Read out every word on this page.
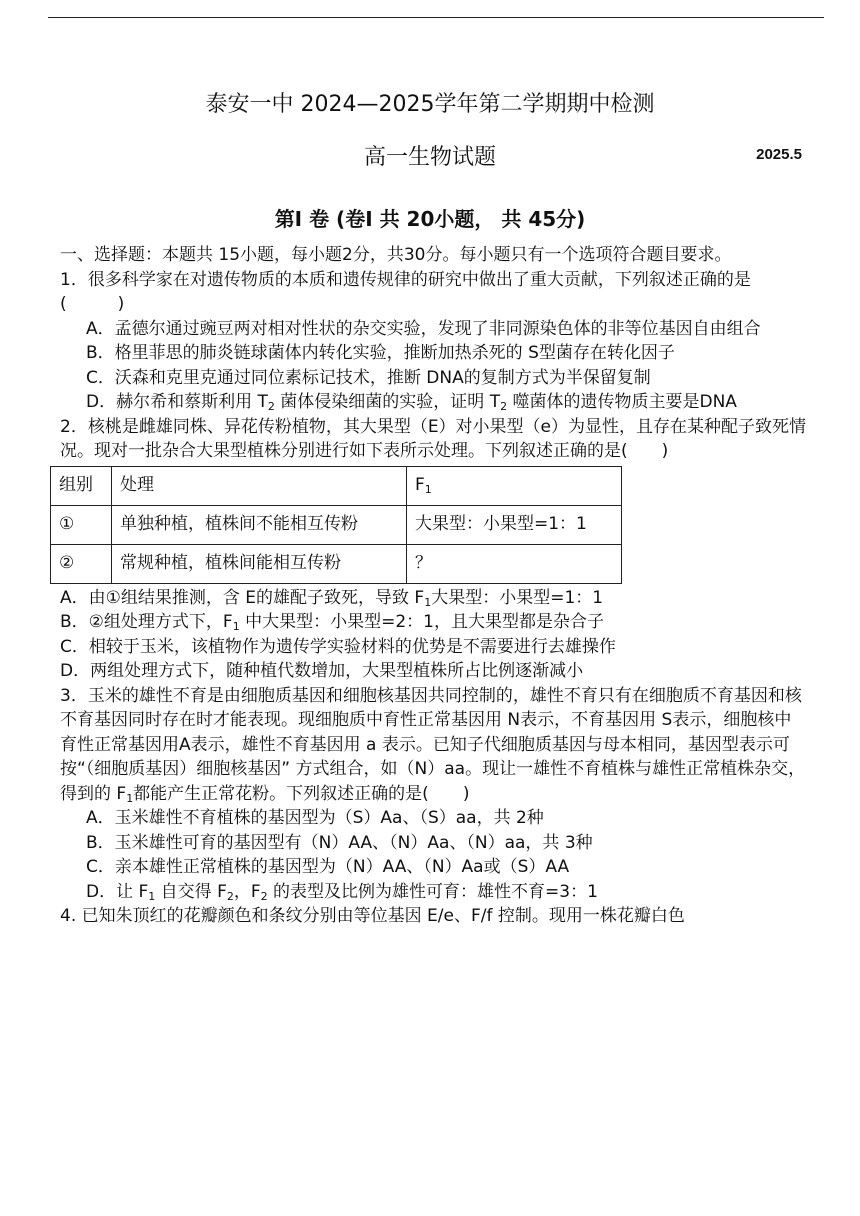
泰安一中 2024—2025学年第二学期期中检测
高一生物试题	2025.5
第Ⅰ 卷 (卷Ⅰ 共 20小题， 共 45分)

一、选择题：本题共 15小题，每小题2分，共30分。每小题只有一个选项符合题目要求。

1．很多科学家在对遗传物质的本质和遗传规律的研究中做出了重大贡献，下列叙述正确的是(　　　)

A．孟德尔通过豌豆两对相对性状的杂交实验，发现了非同源染色体的非等位基因自由组合

B．格里菲思的肺炎链球菌体内转化实验，推断加热杀死的 S型菌存在转化因子

C．沃森和克里克通过同位素标记技术，推断 DNA的复制方式为半保留复制

D．赫尔希和蔡斯利用 $T_2$ 菌体侵染细菌的实验，证明 $T_2$ 噬菌体的遗传物质主要是DNA

2．核桃是雌雄同株、异花传粉植物，其大果型（E）对小果型（e）为显性，且存在某种配子致死情况。现对一批杂合大果型植株分别进行如下表所示处理。下列叙述正确的是(　　)

组别	处理	$F_1$
①	单独种植，植株间不能相互传粉	大果型：小果型=1：1
②	常规种植，植株间能相互传粉	？

A．由①组结果推测，含 E的雄配子致死，导致 $F_1$大果型：小果型=1：1

B．②组处理方式下，$F_1$ 中大果型：小果型=2：1，且大果型都是杂合子

C．相较于玉米，该植物作为遗传学实验材料的优势是不需要进行去雄操作

D．两组处理方式下，随种植代数增加，大果型植株所占比例逐渐减小

3．玉米的雄性不育是由细胞质基因和细胞核基因共同控制的，雄性不育只有在细胞质不育基因和核不育基因同时存在时才能表现。现细胞质中育性正常基因用 N表示，不育基因用 S表示，细胞核中育性正常基因用A表示，雄性不育基因用 a 表示。已知子代细胞质基因与母本相同，基因型表示可按“（细胞质基因）细胞核基因” 方式组合，如（N）aa。现让一雄性不育植株与雄性正常植株杂交，得到的 $F_1$都能产生正常花粉。下列叙述正确的是(　　)

A．玉米雄性不育植株的基因型为（S）Aa、（S）aa，共 2种

B．玉米雄性可育的基因型有（N）AA、（N）Aa、（N）aa，共 3种

C．亲本雄性正常植株的基因型为（N）AA、（N）Aa或（S）AA

D．让 $F_1$ 自交得 $F_2$，$F_2$ 的表型及比例为雄性可育：雄性不育=3：1

4. 已知朱顶红的花瓣颜色和条纹分别由等位基因 E/e、F/f 控制。现用一株花瓣白色
